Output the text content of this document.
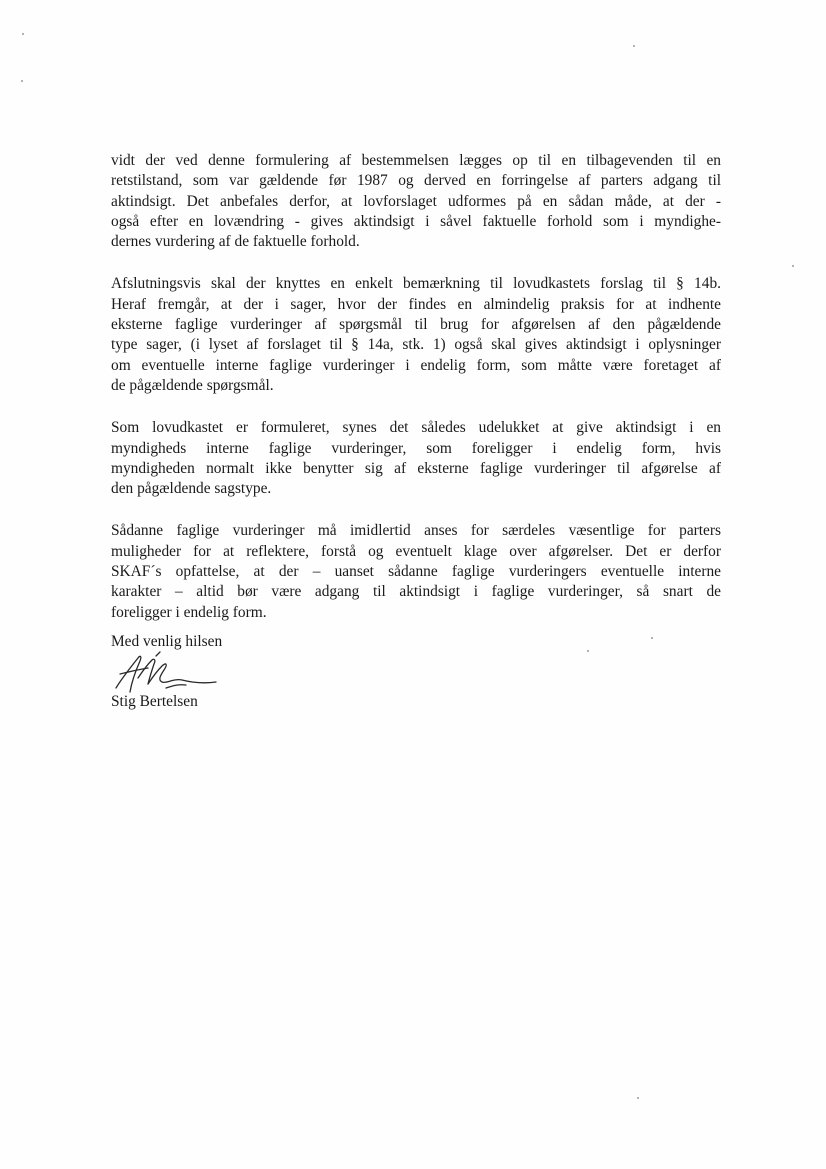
vidt der ved denne formulering af bestemmelsen lægges op til en tilbagevenden til en
retstilstand, som var gældende før 1987 og derved en forringelse af parters adgang til
aktindsigt. Det anbefales derfor, at lovforslaget udformes på en sådan måde, at der -
også efter en lovændring - gives aktindsigt i såvel faktuelle forhold som i myndighe-
dernes vurdering af de faktuelle forhold.

Afslutningsvis skal der knyttes en enkelt bemærkning til lovudkastets forslag til § 14b.
Heraf fremgår, at der i sager, hvor der findes en almindelig praksis for at indhente
eksterne faglige vurderinger af spørgsmål til brug for afgørelsen af den pågældende
type sager, (i lyset af forslaget til § 14a, stk. 1) også skal gives aktindsigt i oplysninger
om eventuelle interne faglige vurderinger i endelig form, som måtte være foretaget af
de pågældende spørgsmål.

Som lovudkastet er formuleret, synes det således udelukket at give aktindsigt i en
myndigheds interne faglige vurderinger, som foreligger i endelig form, hvis
myndigheden normalt ikke benytter sig af eksterne faglige vurderinger til afgørelse af
den pågældende sagstype.

Sådanne faglige vurderinger må imidlertid anses for særdeles væsentlige for parters
muligheder for at reflektere, forstå og eventuelt klage over afgørelser. Det er derfor
SKAF´s opfattelse, at der – uanset sådanne faglige vurderingers eventuelle interne
karakter – altid bør være adgang til aktindsigt i faglige vurderinger, så snart de
foreligger i endelig form.

Med venlig hilsen
Stig Bertelsen
